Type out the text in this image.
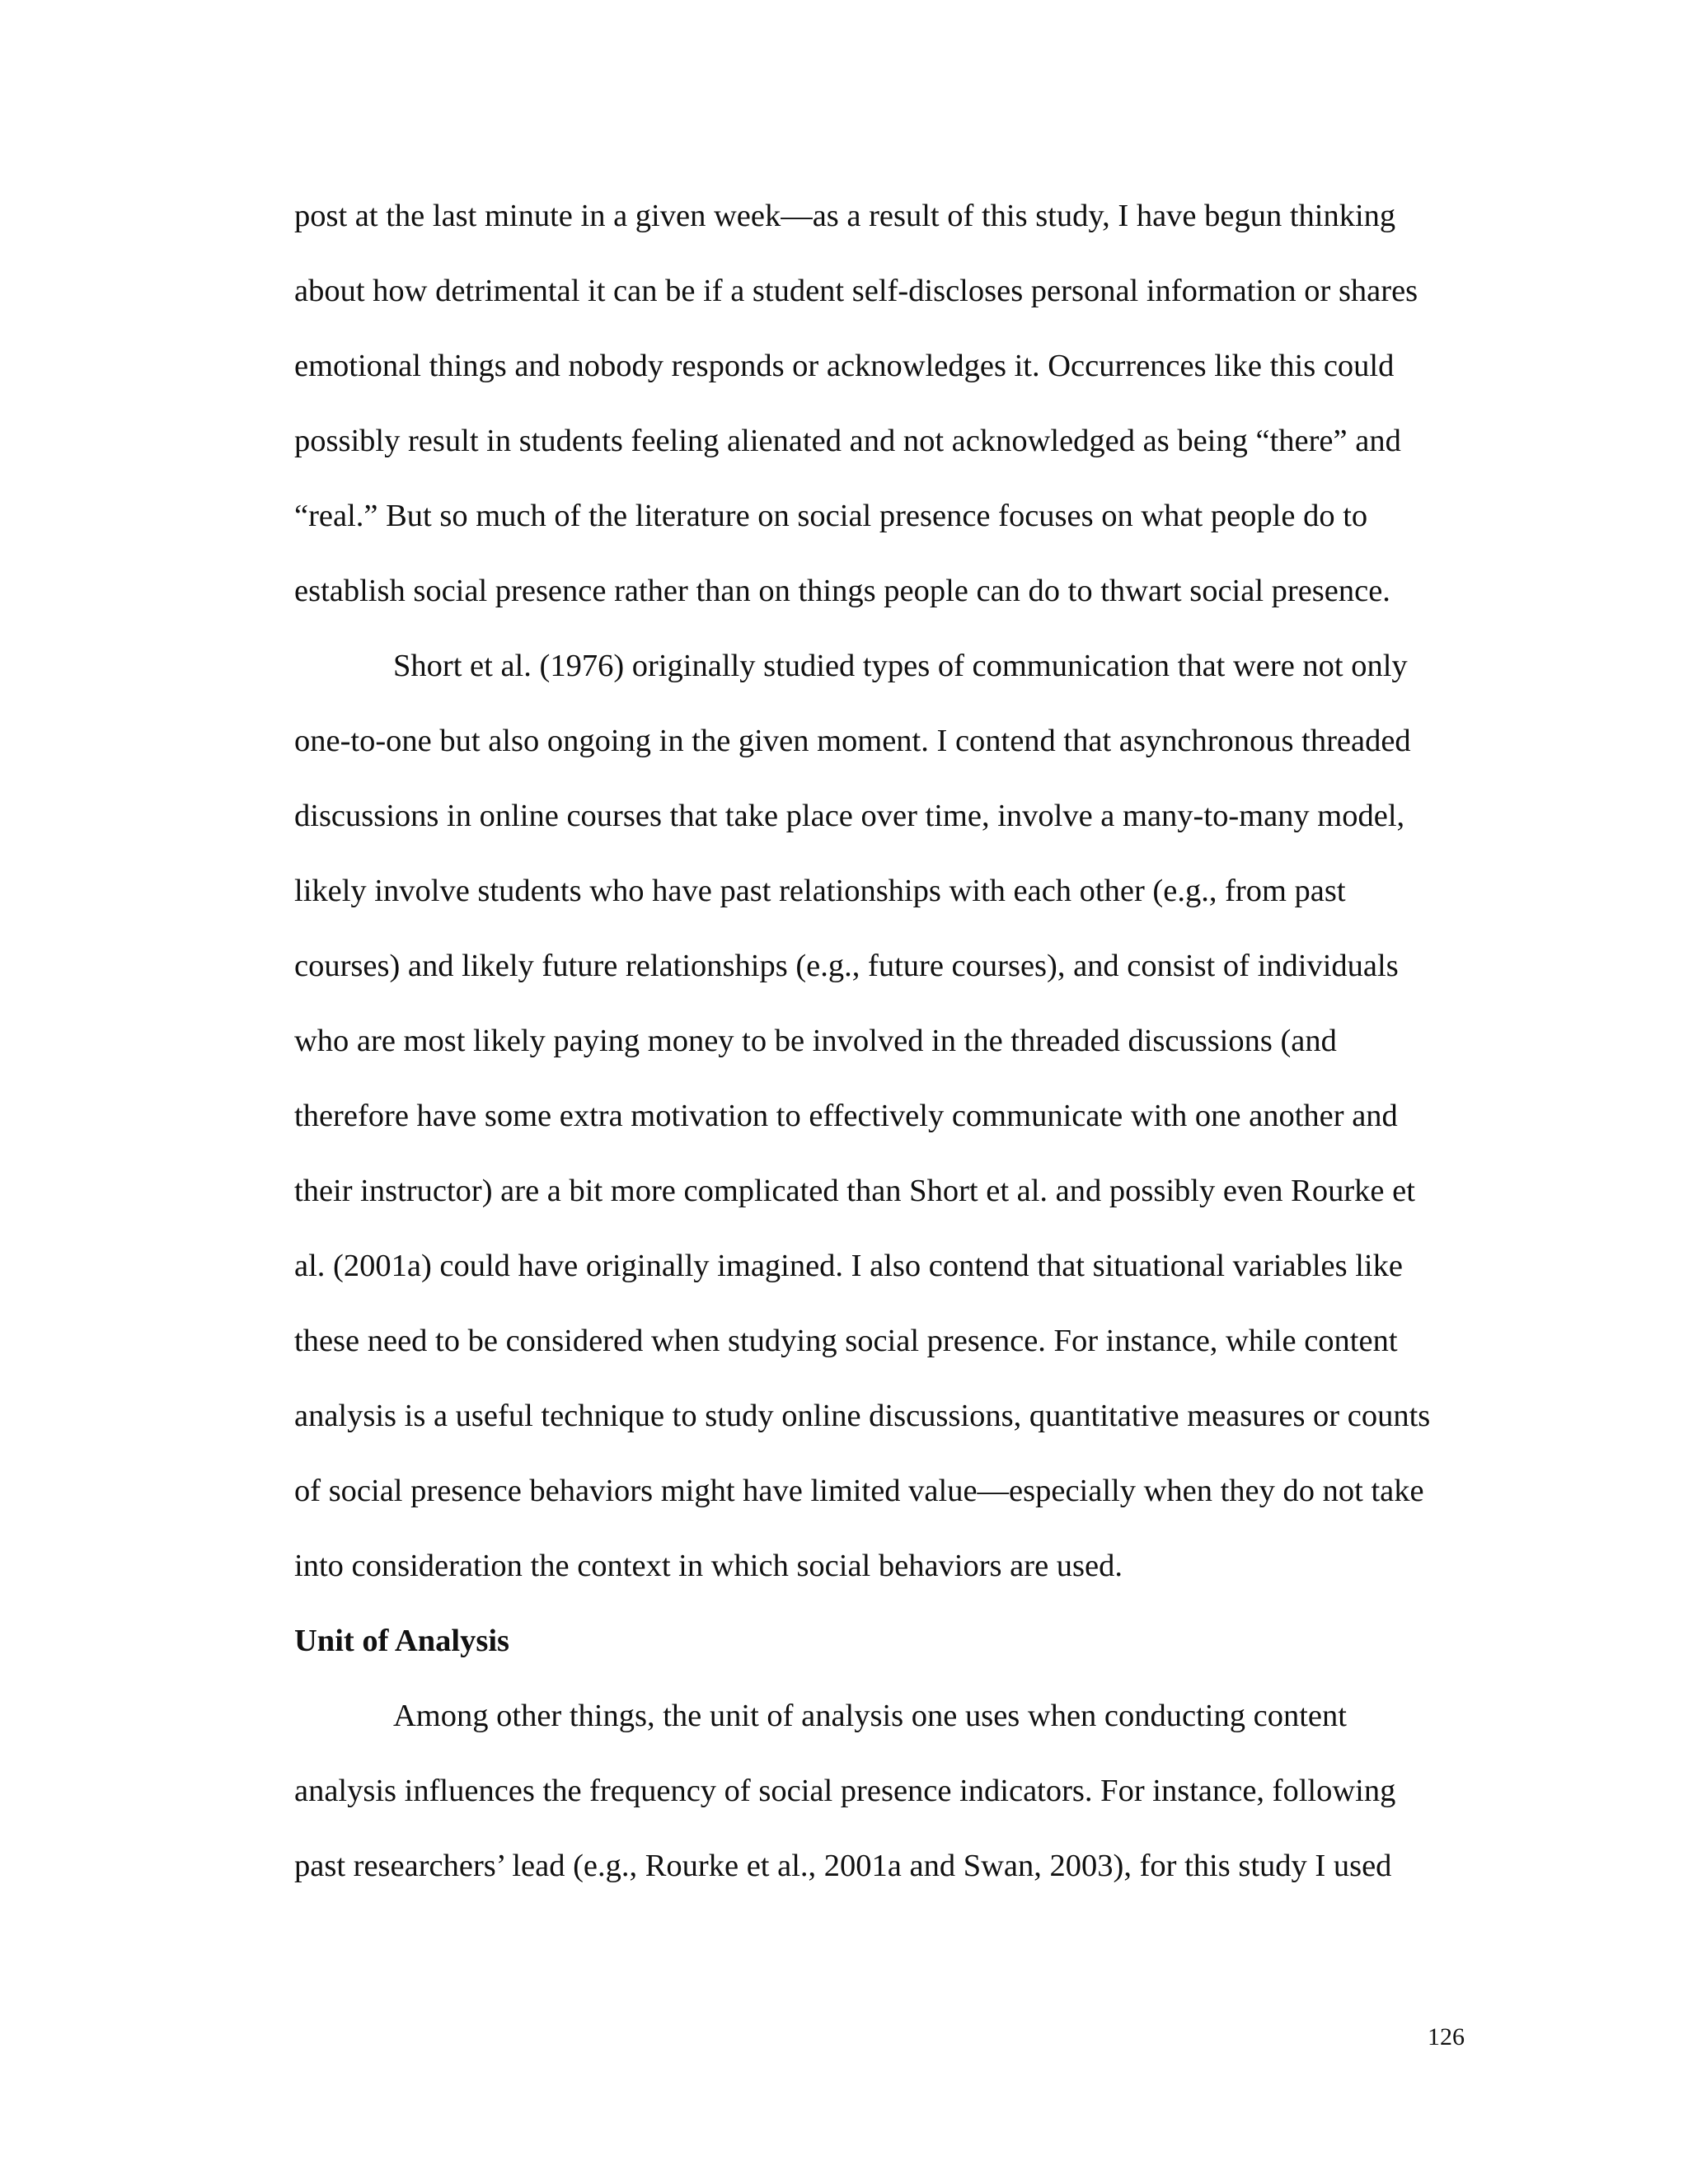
post at the last minute in a given week—as a result of this study, I have begun thinking

about how detrimental it can be if a student self-discloses personal information or shares

emotional things and nobody responds or acknowledges it. Occurrences like this could

possibly result in students feeling alienated and not acknowledged as being “there” and

“real.” But so much of the literature on social presence focuses on what people do to

establish social presence rather than on things people can do to thwart social presence.

Short et al. (1976) originally studied types of communication that were not only

one-to-one but also ongoing in the given moment. I contend that asynchronous threaded

discussions in online courses that take place over time, involve a many-to-many model,

likely involve students who have past relationships with each other (e.g., from past

courses) and likely future relationships (e.g., future courses), and consist of individuals

who are most likely paying money to be involved in the threaded discussions (and

therefore have some extra motivation to effectively communicate with one another and

their instructor) are a bit more complicated than Short et al. and possibly even Rourke et

al. (2001a) could have originally imagined. I also contend that situational variables like

these need to be considered when studying social presence. For instance, while content

analysis is a useful technique to study online discussions, quantitative measures or counts

of social presence behaviors might have limited value—especially when they do not take

into consideration the context in which social behaviors are used.

Unit of Analysis

Among other things, the unit of analysis one uses when conducting content

analysis influences the frequency of social presence indicators. For instance, following

past researchers’ lead (e.g., Rourke et al., 2001a and Swan, 2003), for this study I used

126
